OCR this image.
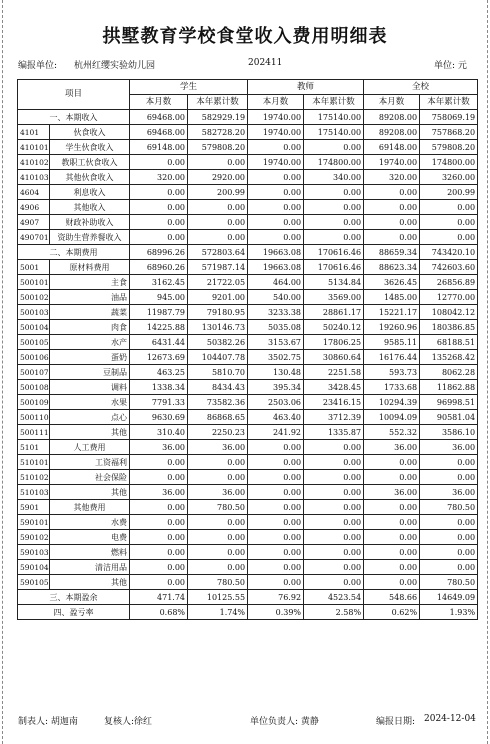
拱墅教育学校食堂收入费用明细表
编报单位: 杭州红缨实验幼儿园	202411	单位: 元
项目		学生		教师		全校	
		本月数	本年累计数	本月数	本年累计数	本月数	本年累计数
一、本期收入		69468.00	582929.19	19740.00	175140.00	89208.00	758069.19
4101	伙食收入	69468.00	582728.20	19740.00	175140.00	89208.00	757868.20
410101	学生伙食收入	69148.00	579808.20	0.00	0.00	69148.00	579808.20
410102	教职工伙食收入	0.00	0.00	19740.00	174800.00	19740.00	174800.00
410103	其他伙食收入	320.00	2920.00	0.00	340.00	320.00	3260.00
4604	利息收入	0.00	200.99	0.00	0.00	0.00	200.99
4906	其他收入	0.00	0.00	0.00	0.00	0.00	0.00
4907	财政补助收入	0.00	0.00	0.00	0.00	0.00	0.00
490701	资助生营养餐收入	0.00	0.00	0.00	0.00	0.00	0.00
二、本期费用		68996.26	572803.64	19663.08	170616.46	88659.34	743420.10
5001	原材料费用	68960.26	571987.14	19663.08	170616.46	88623.34	742603.60
500101	主食	3162.45	21722.05	464.00	5134.84	3626.45	26856.89
500102	油品	945.00	9201.00	540.00	3569.00	1485.00	12770.00
500103	蔬菜	11987.79	79180.95	3233.38	28861.17	15221.17	108042.12
500104	肉食	14225.88	130146.73	5035.08	50240.12	19260.96	180386.85
500105	水产	6431.44	50382.26	3153.67	17806.25	9585.11	68188.51
500106	蛋奶	12673.69	104407.78	3502.75	30860.64	16176.44	135268.42
500107	豆制品	463.25	5810.70	130.48	2251.58	593.73	8062.28
500108	调料	1338.34	8434.43	395.34	3428.45	1733.68	11862.88
500109	水果	7791.33	73582.36	2503.06	23416.15	10294.39	96998.51
500110	点心	9630.69	86868.65	463.40	3712.39	10094.09	90581.04
500111	其他	310.40	2250.23	241.92	1335.87	552.32	3586.10
5101	人工费用	36.00	36.00	0.00	0.00	36.00	36.00
510101	工资福利	0.00	0.00	0.00	0.00	0.00	0.00
510102	社会保险	0.00	0.00	0.00	0.00	0.00	0.00
510103	其他	36.00	36.00	0.00	0.00	36.00	36.00
5901	其他费用	0.00	780.50	0.00	0.00	0.00	780.50
590101	水费	0.00	0.00	0.00	0.00	0.00	0.00
590102	电费	0.00	0.00	0.00	0.00	0.00	0.00
590103	燃料	0.00	0.00	0.00	0.00	0.00	0.00
590104	清洁用品	0.00	0.00	0.00	0.00	0.00	0.00
590105	其他	0.00	780.50	0.00	0.00	0.00	780.50
三、本期盈余		471.74	10125.55	76.92	4523.54	548.66	14649.09
四、盈亏率		0.68%	1.74%	0.39%	2.58%	0.62%	1.93%
制表人: 胡迦南	复核人:徐红	单位负责人: 黄静	编报日期: 2024-12-04
